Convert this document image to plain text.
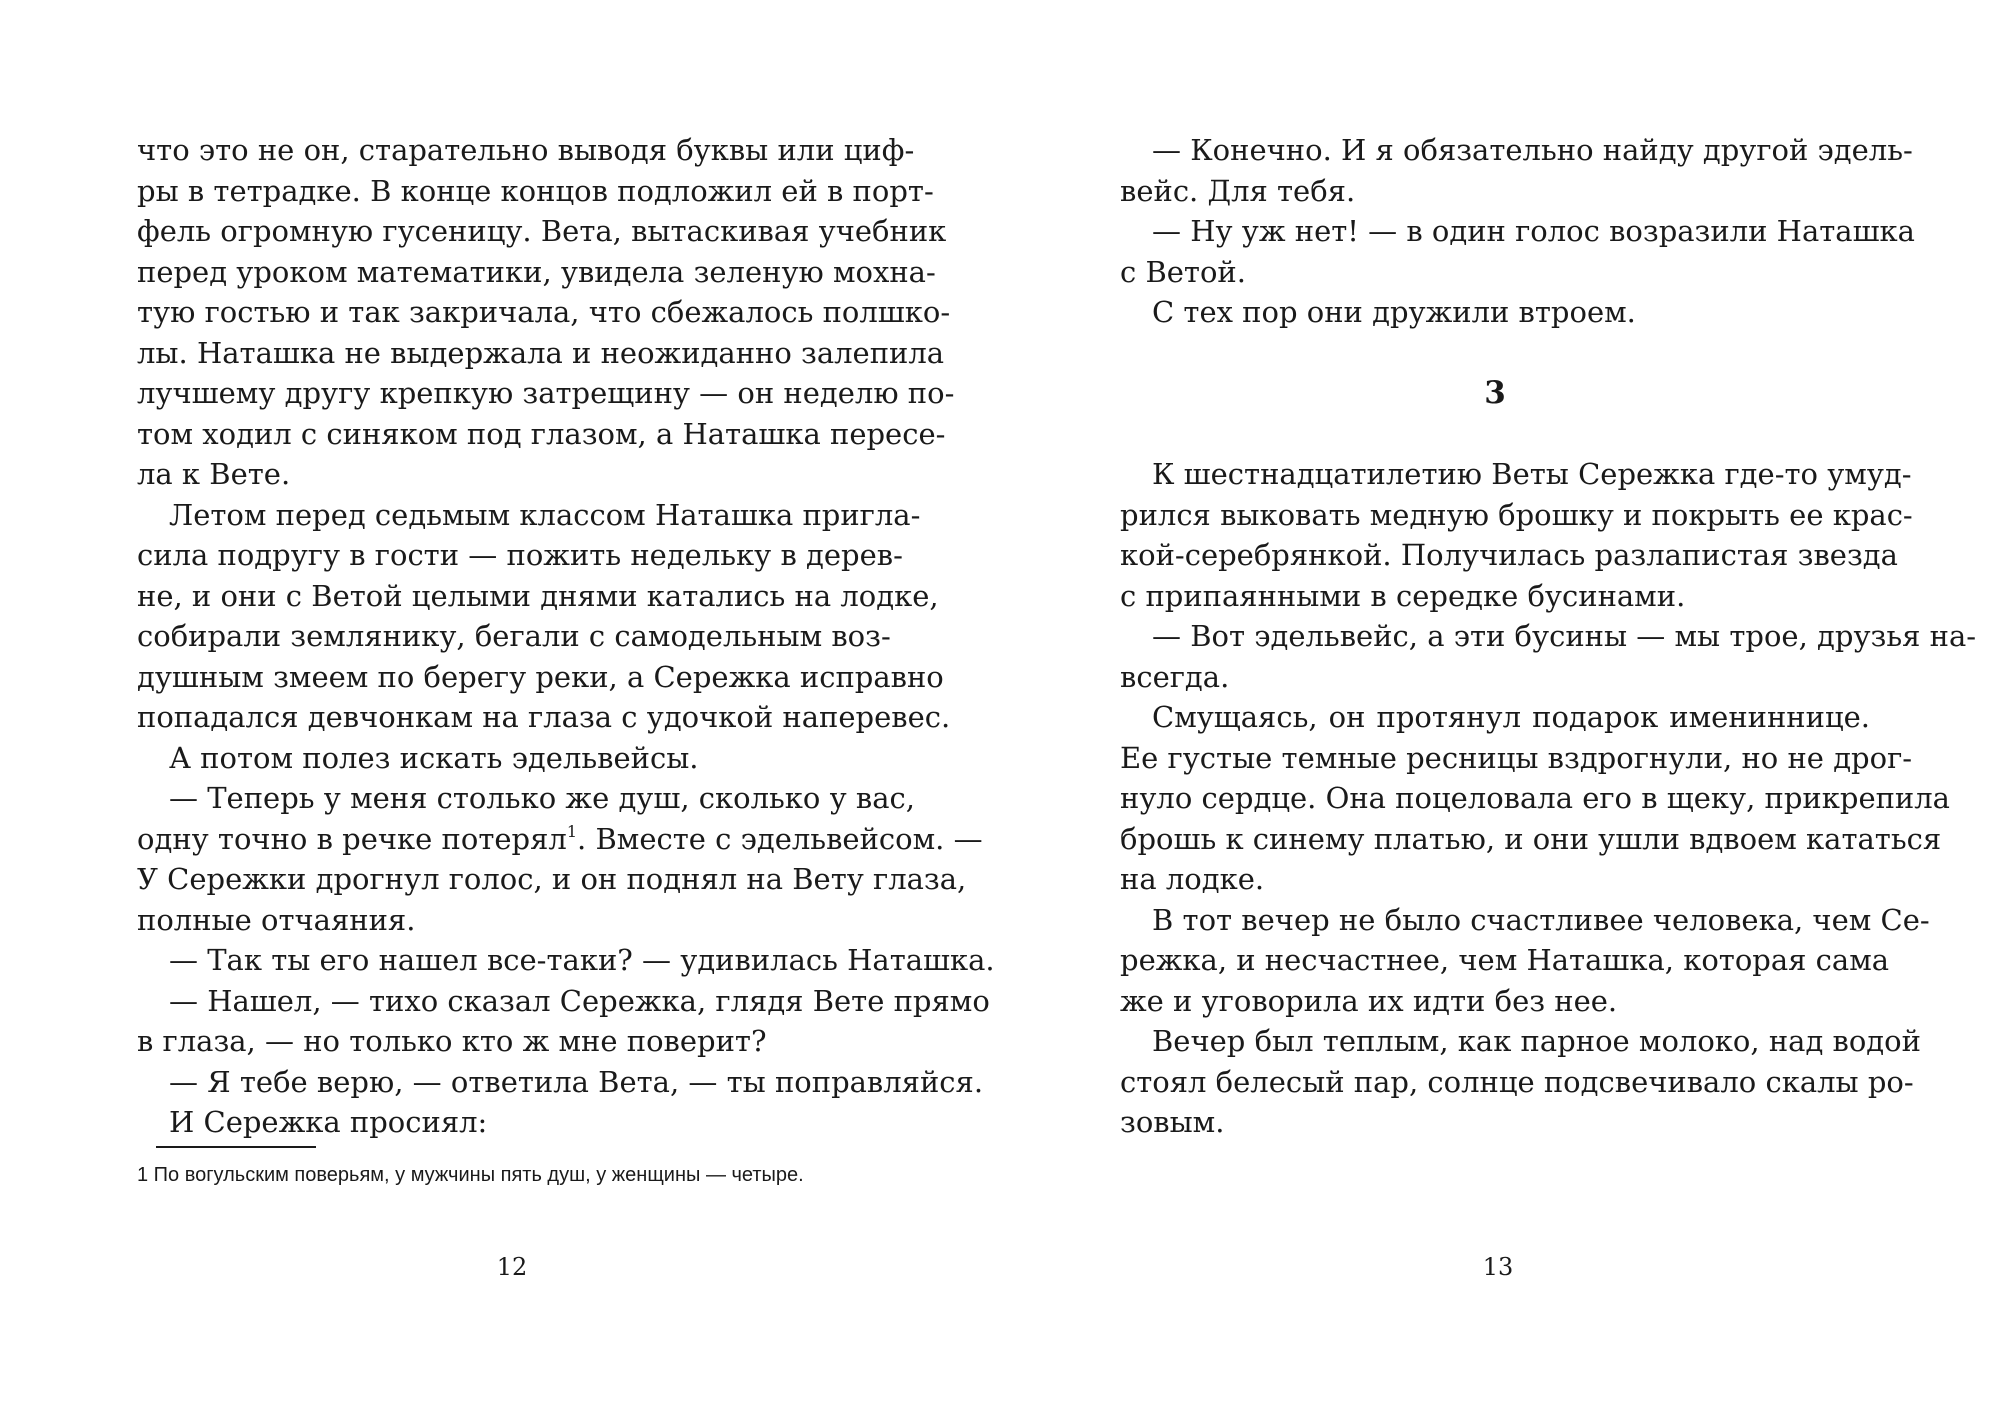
что это не он, старательно выводя буквы или циф-
ры в тетрадке. В конце концов подложил ей в порт-
фель огромную гусеницу. Вета, вытаскивая учебник
перед уроком математики, увидела зеленую мохна-
тую гостью и так закричала, что сбежалось полшко-
лы. Наташка не выдержала и неожиданно залепила
лучшему другу крепкую затрещину — он неделю по-
том ходил с синяком под глазом, а Наташка пересе-
ла к Вете.
Летом перед седьмым классом Наташка пригла-
сила подругу в гости — пожить недельку в дерев-
не, и они с Ветой целыми днями катались на лодке,
собирали землянику, бегали с самодельным воз-
душным змеем по берегу реки, а Сережка исправно
попадался девчонкам на глаза с удочкой наперевес.
А потом полез искать эдельвейсы.
— Теперь у меня столько же душ, сколько у вас,
одну точно в речке потерял$^1$. Вместе с эдельвейсом. —
У Сережки дрогнул голос, и он поднял на Вету глаза,
полные отчаяния.
— Так ты его нашел все-таки? — удивилась Наташка.
— Нашел, — тихо сказал Сережка, глядя Вете прямо
в глаза, — но только кто ж мне поверит?
— Я тебе верю, — ответила Вета, — ты поправляйся.
И Сережка просиял:
1 По вогульским поверьям, у мужчины пять душ, у женщины — четыре.
12
— Конечно. И я обязательно найду другой эдель-
вейс. Для тебя.
— Ну уж нет! — в один голос возразили Наташка
с Ветой.
С тех пор они дружили втроем.
3
К шестнадцатилетию Веты Сережка где-то умуд-
рился выковать медную брошку и покрыть ее крас-
кой-серебрянкой. Получилась разлапистая звезда
с припаянными в середке бусинами.
— Вот эдельвейс, а эти бусины — мы трое, друзья на-
всегда.
Смущаясь, он протянул подарок имениннице.
Ее густые темные ресницы вздрогнули, но не дрог-
нуло сердце. Она поцеловала его в щеку, прикрепила
брошь к синему платью, и они ушли вдвоем кататься
на лодке.
В тот вечер не было счастливее человека, чем Се-
режка, и несчастнее, чем Наташка, которая сама
же и уговорила их идти без нее.
Вечер был теплым, как парное молоко, над водой
стоял белесый пар, солнце подсвечивало скалы ро-
зовым.
13
